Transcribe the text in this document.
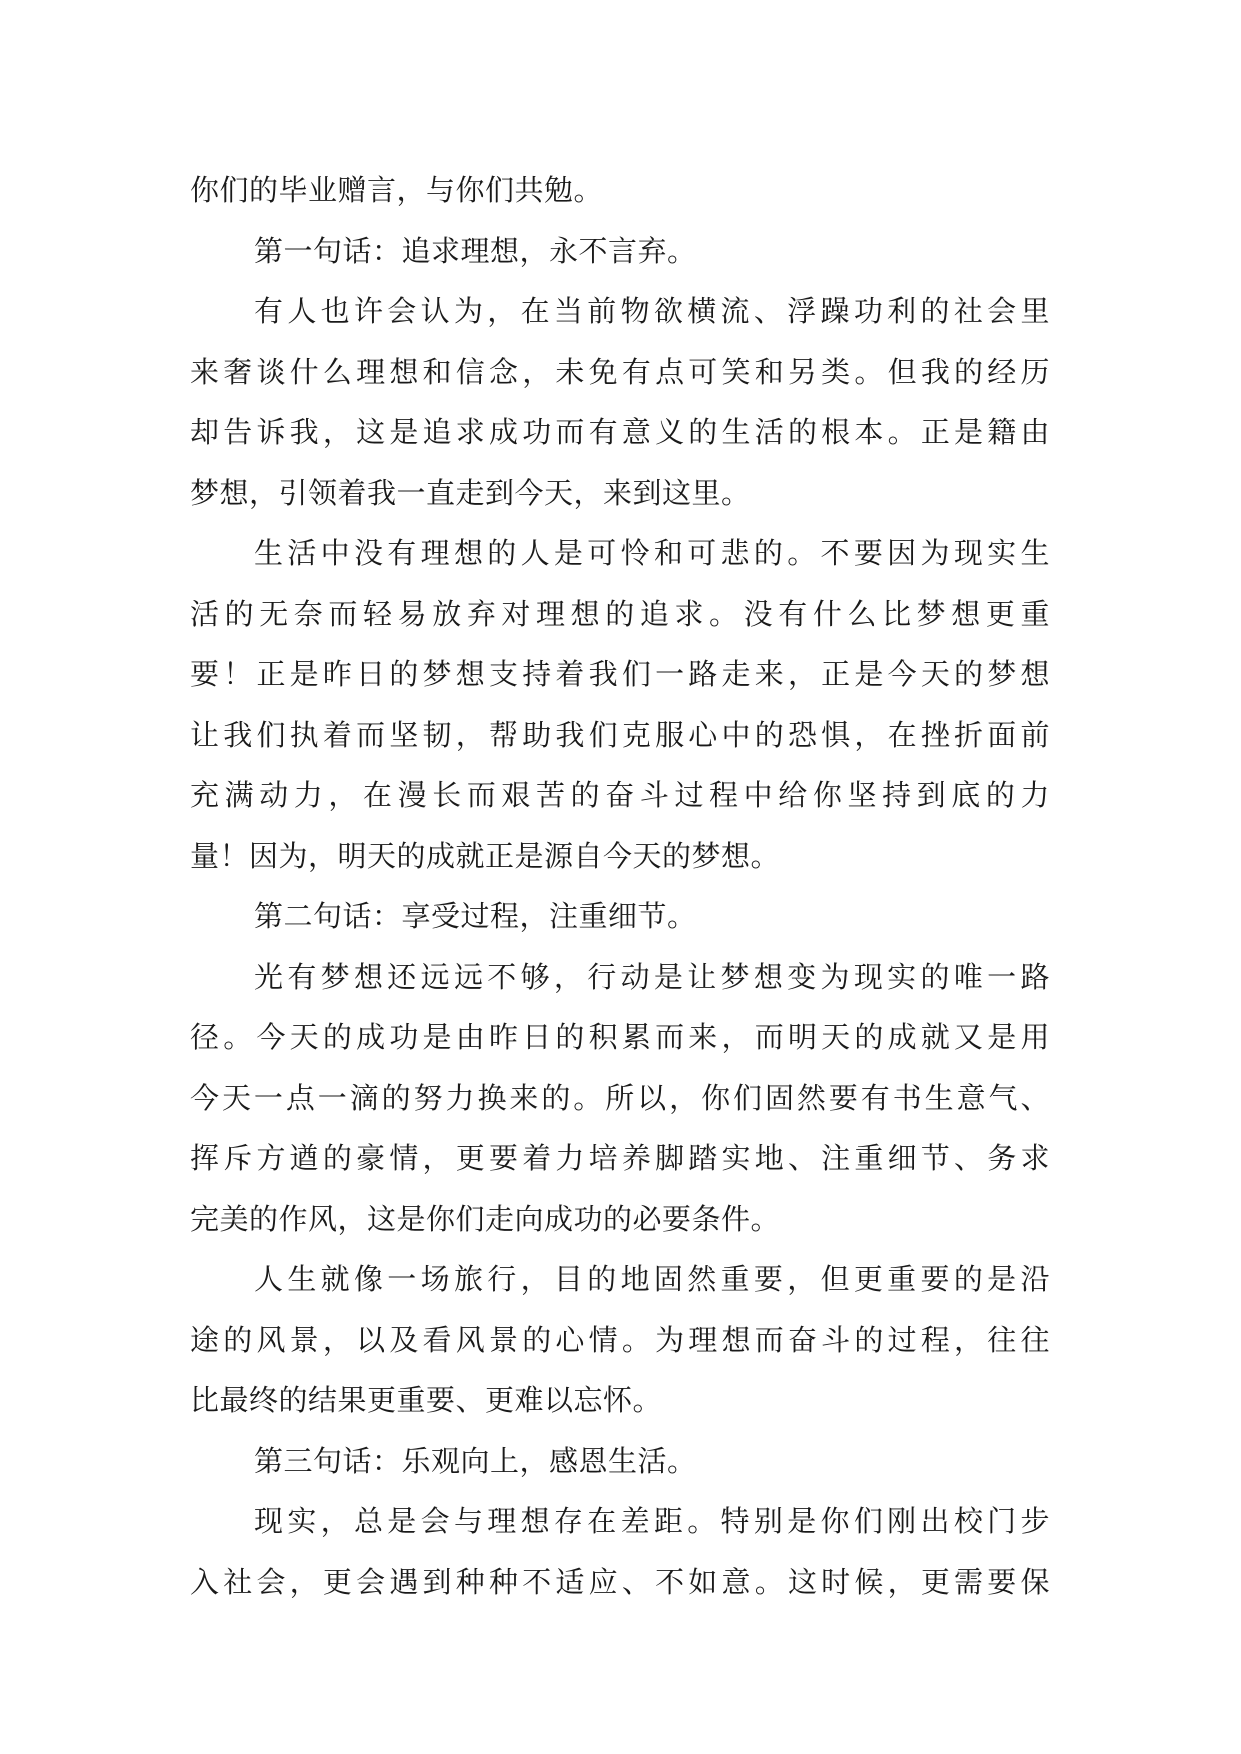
你们的毕业赠言，与你们共勉。
第一句话：追求理想，永不言弃。
有人也许会认为，在当前物欲横流、浮躁功利的社会里
来奢谈什么理想和信念，未免有点可笑和另类。但我的经历
却告诉我，这是追求成功而有意义的生活的根本。正是籍由
梦想，引领着我一直走到今天，来到这里。
生活中没有理想的人是可怜和可悲的。不要因为现实生
活的无奈而轻易放弃对理想的追求。没有什么比梦想更重
要！正是昨日的梦想支持着我们一路走来，正是今天的梦想
让我们执着而坚韧，帮助我们克服心中的恐惧，在挫折面前
充满动力，在漫长而艰苦的奋斗过程中给你坚持到底的力
量！因为，明天的成就正是源自今天的梦想。
第二句话：享受过程，注重细节。
光有梦想还远远不够，行动是让梦想变为现实的唯一路
径。今天的成功是由昨日的积累而来，而明天的成就又是用
今天一点一滴的努力换来的。所以，你们固然要有书生意气、
挥斥方遒的豪情，更要着力培养脚踏实地、注重细节、务求
完美的作风，这是你们走向成功的必要条件。
人生就像一场旅行，目的地固然重要，但更重要的是沿
途的风景，以及看风景的心情。为理想而奋斗的过程，往往
比最终的结果更重要、更难以忘怀。
第三句话：乐观向上，感恩生活。
现实，总是会与理想存在差距。特别是你们刚出校门步
入社会，更会遇到种种不适应、不如意。这时候，更需要保
